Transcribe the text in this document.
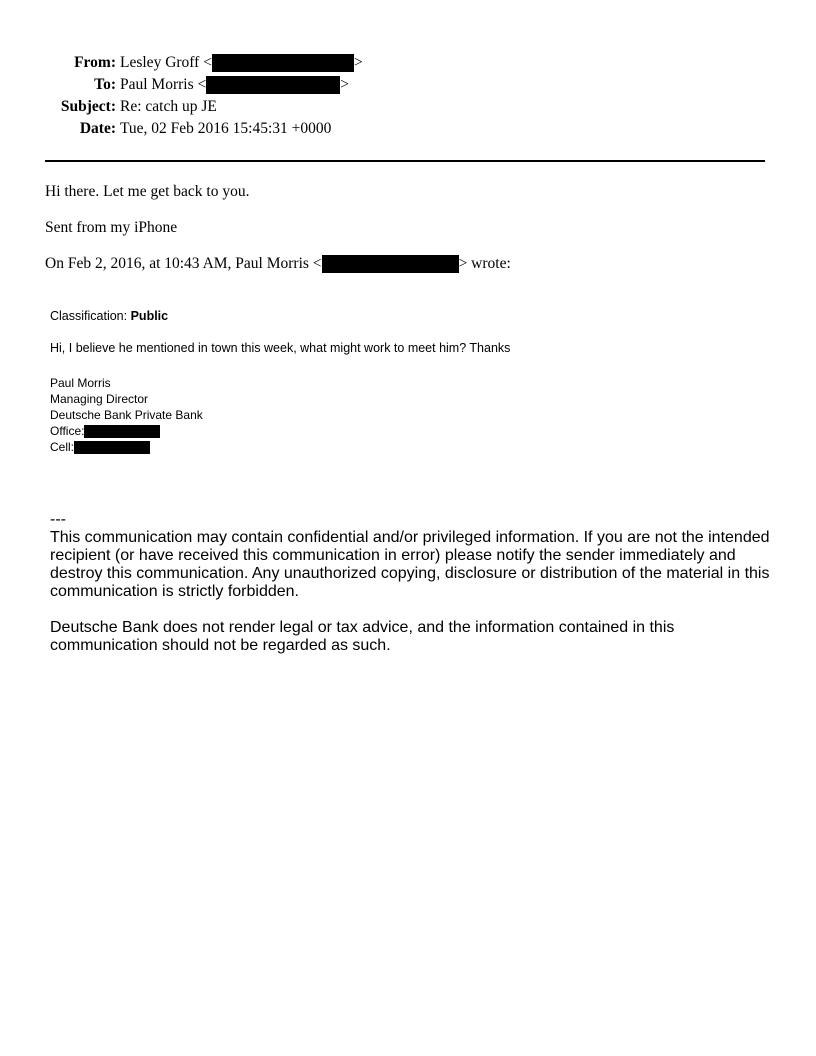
From: Lesley Groff <	>
To: Paul Morris <	>
Subject: Re: catch up JE
Date: Tue, 02 Feb 2016 15:45:31 +0000
Hi there. Let me get back to you.
Sent from my iPhone
On Feb 2, 2016, at 10:43 AM, Paul Morris <	> wrote:
Classification: Public
Hi, I believe he mentioned in town this week, what might work to meet him? Thanks
Paul Morris
Managing Director
Deutsche Bank Private Bank
Office:
Cell:

---

This communication may contain confidential and/or privileged information. If you are not the intended recipient (or have received this communication in error) please notify the sender immediately and destroy this communication. Any unauthorized copying, disclosure or distribution of the material in this communication is strictly forbidden.

Deutsche Bank does not render legal or tax advice, and the information contained in this communication should not be regarded as such.
